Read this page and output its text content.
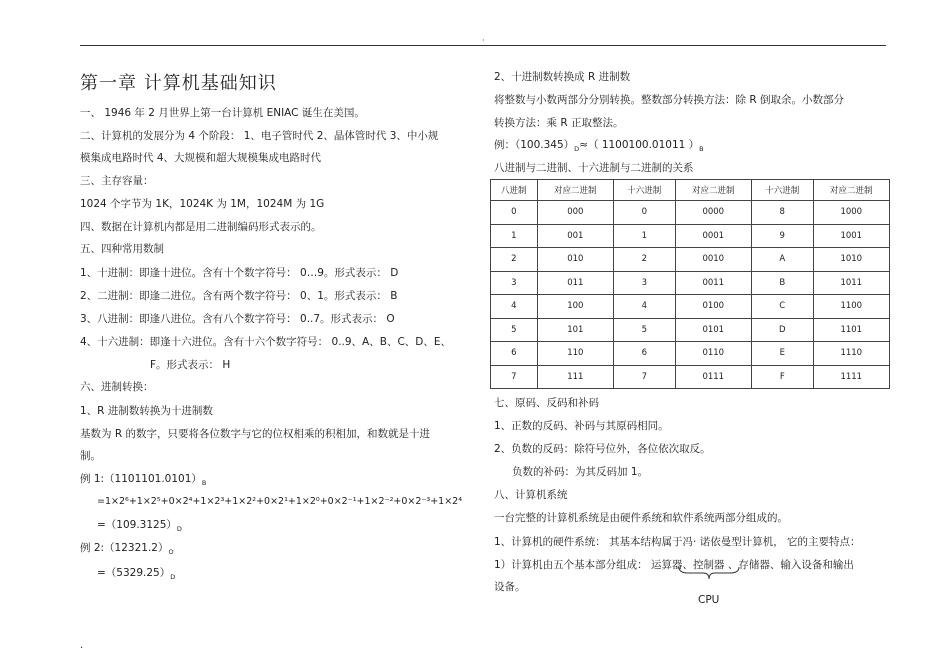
·
第一章 计算机基础知识
一、 1946 年 2 月世界上第一台计算机 ENIAC 诞生在美国。
二、计算机的发展分为 4 个阶段： 1、电子管时代 2、晶体管时代 3、中小规
模集成电路时代 4、大规模和超大规模集成电路时代
三、主存容量：
1024 个字节为 1K，1024K 为 1M，1024M 为 1G
四、数据在计算机内都是用二进制编码形式表示的。
五、四种常用数制
1、十进制：即逢十进位。含有十个数字符号： 0…9。形式表示： D
2、二进制：即逢二进位。含有两个数字符号： 0、1。形式表示： B
3、八进制：即逢八进位。含有八个数字符号： 0..7。形式表示： O
4、十六进制：即逢十六进位。含有十六个数字符号： 0..9、A、B、C、D、E、
F。形式表示： H
六、进制转换：
1、R 进制数转换为十进制数
基数为 R 的数字，只要将各位数字与它的位权相乘的积相加，和数就是十进
制。
例 $1:(1101101.0101)_B$
=1×2⁶+1×2⁵+0×2⁴+1×2³+1×2²+0×2¹+1×2⁰+0×2⁻¹+1×2⁻²+0×2⁻³+1×2⁴
$=(109.3125)_D$
例 $2:(12321.2)_O$
$=(5329.25)_D$
2、十进制数转换成 R 进制数
将整数与小数两部分分别转换。整数部分转换方法：除 R 倒取余。小数部分
转换方法：乘 R 正取整法。
例：$(100.345)_D\approx$（ 1100100.01011 ）$_B$
八进制与二进制、十六进制与二进制的关系
八进制	对应二进制	十六进制	对应二进制	十六进制	对应二进制
0	000	0	0000	8	1000
1	001	1	0001	9	1001
2	010	2	0010	A	1010
3	011	3	0011	B	1011
4	100	4	0100	C	1100
5	101	5	0101	D	1101
6	110	6	0110	E	1110
7	111	7	0111	F	1111
七、原码、反码和补码
1、正数的反码、补码与其原码相同。
2、负数的反码：除符号位外，各位依次取反。
负数的补码：为其反码加 1。
八、计算机系统
一台完整的计算机系统是由硬件系统和软件系统两部分组成的。
1、计算机的硬件系统： 其基本结构属于冯· 诺依曼型计算机， 它的主要特点：
1）计算机由五个基本部分组成： 运算器、控制器 、存储器、输入设备和输出
设备。
CPU
.
